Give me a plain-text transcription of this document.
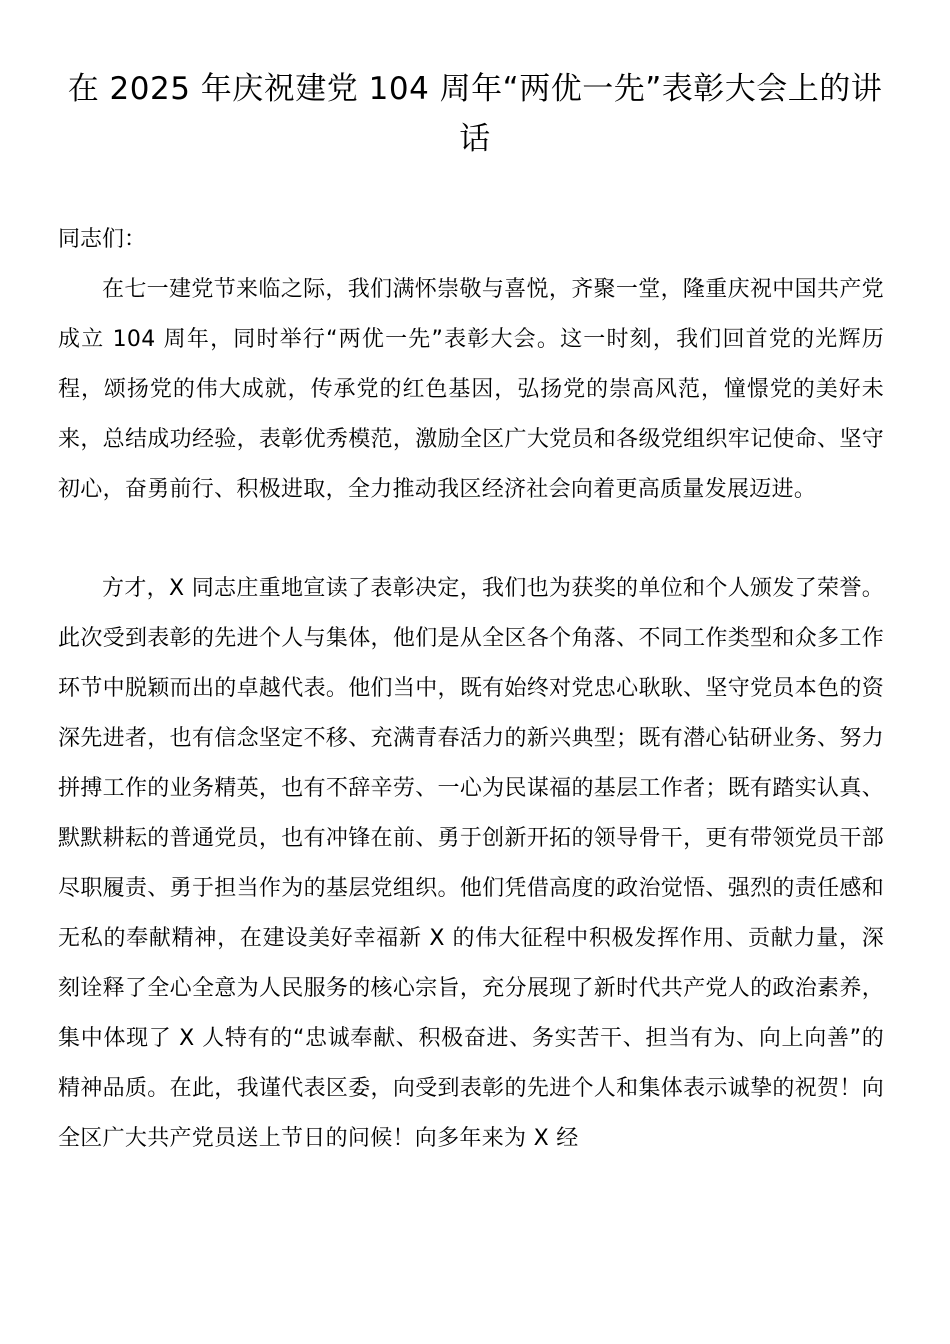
在 2025 年庆祝建党 104 周年“两优一先”表彰大会上的讲话

同志们：

在七一建党节来临之际，我们满怀崇敬与喜悦，齐聚一堂，隆重庆祝中国共产党成立 104 周年，同时举行“两优一先”表彰大会。这一时刻，我们回首党的光辉历程，颂扬党的伟大成就，传承党的红色基因，弘扬党的崇高风范，憧憬党的美好未来，总结成功经验，表彰优秀模范，激励全区广大党员和各级党组织牢记使命、坚守初心，奋勇前行、积极进取，全力推动我区经济社会向着更高质量发展迈进。

方才，X 同志庄重地宣读了表彰决定，我们也为获奖的单位和个人颁发了荣誉。此次受到表彰的先进个人与集体，他们是从全区各个角落、不同工作类型和众多工作环节中脱颖而出的卓越代表。他们当中，既有始终对党忠心耿耿、坚守党员本色的资深先进者，也有信念坚定不移、充满青春活力的新兴典型；既有潜心钻研业务、努力拼搏工作的业务精英，也有不辞辛劳、一心为民谋福的基层工作者；既有踏实认真、默默耕耘的普通党员，也有冲锋在前、勇于创新开拓的领导骨干，更有带领党员干部尽职履责、勇于担当作为的基层党组织。他们凭借高度的政治觉悟、强烈的责任感和无私的奉献精神，在建设美好幸福新 X 的伟大征程中积极发挥作用、贡献力量，深刻诠释了全心全意为人民服务的核心宗旨，充分展现了新时代共产党人的政治素养，集中体现了 X 人特有的“忠诚奉献、积极奋进、务实苦干、担当有为、向上向善”的精神品质。在此，我谨代表区委，向受到表彰的先进个人和集体表示诚挚的祝贺！向全区广大共产党员送上节日的问候！向多年来为 X 经
